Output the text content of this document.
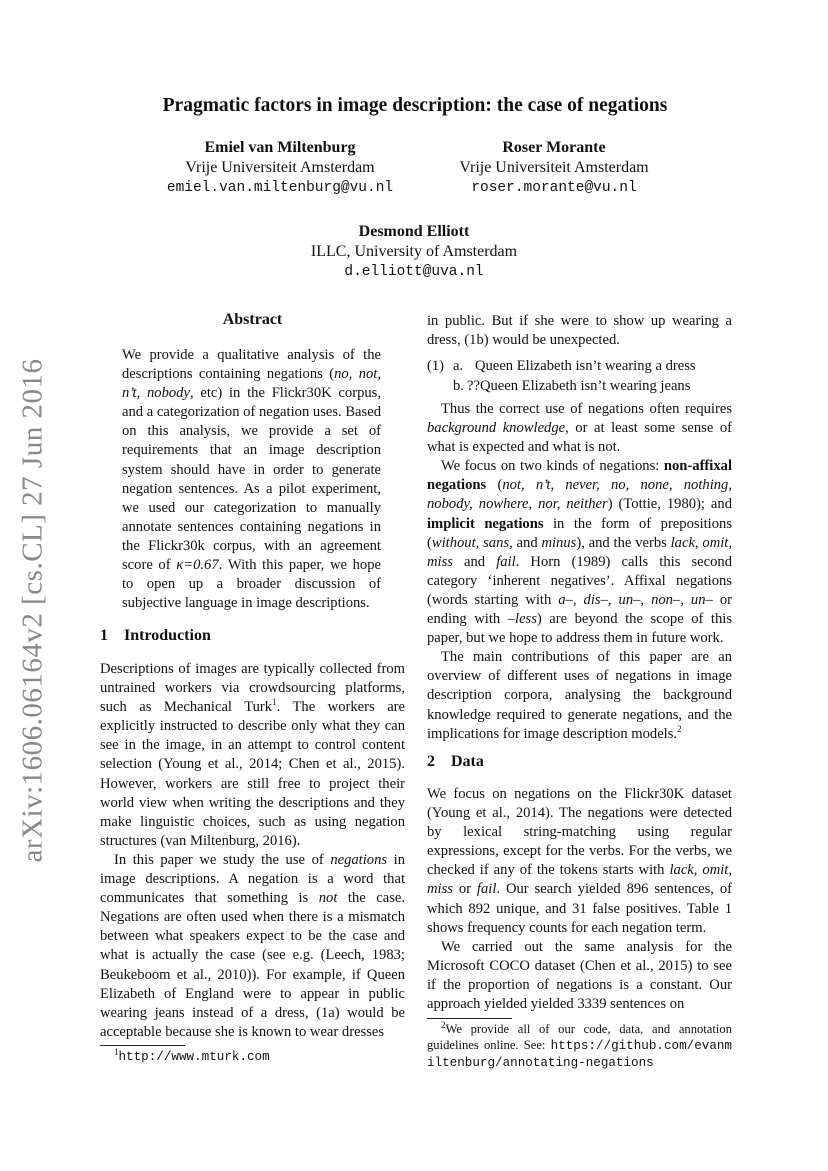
arXiv:1606.06164v2 [cs.CL] 27 Jun 2016
Pragmatic factors in image description: the case of negations
Emiel van Miltenburg
Vrije Universiteit Amsterdam
emiel.van.miltenburg@vu.nl
Roser Morante
Vrije Universiteit Amsterdam
roser.morante@vu.nl
Desmond Elliott
ILLC, University of Amsterdam
d.elliott@uva.nl
Abstract

We provide a qualitative analysis of the descriptions containing negations (no, not, n’t, nobody, etc) in the Flickr30K corpus, and a categorization of negation uses. Based on this analysis, we provide a set of requirements that an image description system should have in order to generate negation sentences. As a pilot experiment, we used our categorization to manually annotate sentences containing negations in the Flickr30k corpus, with an agreement score of κ=0.67. With this paper, we hope to open up a broader discussion of subjective language in image descriptions.

1 Introduction

Descriptions of images are typically collected from untrained workers via crowdsourcing platforms, such as Mechanical Turk$^1$. The workers are explicitly instructed to describe only what they can see in the image, in an attempt to control content selection (Young et al., 2014; Chen et al., 2015). However, workers are still free to project their world view when writing the descriptions and they make linguistic choices, such as using negation structures (van Miltenburg, 2016).

In this paper we study the use of negations in image descriptions. A negation is a word that communicates that something is not the case. Negations are often used when there is a mismatch between what speakers expect to be the case and what is actually the case (see e.g. (Leech, 1983; Beukeboom et al., 2010)). For example, if Queen Elizabeth of England were to appear in public wearing jeans instead of a dress, (1a) would be acceptable because she is known to wear dresses

$^1$http://www.mturk.com

in public. But if she were to show up wearing a dress, (1b) would be unexpected.

(1) a. Queen Elizabeth isn’t wearing a dress
b. ??Queen Elizabeth isn’t wearing jeans

Thus the correct use of negations often requires background knowledge, or at least some sense of what is expected and what is not.

We focus on two kinds of negations: non-affixal negations (not, n’t, never, no, none, nothing, nobody, nowhere, nor, neither) (Tottie, 1980); and implicit negations in the form of prepositions (without, sans, and minus), and the verbs lack, omit, miss and fail. Horn (1989) calls this second category ‘inherent negatives’. Affixal negations (words starting with a–, dis–, un–, non–, un– or ending with –less) are beyond the scope of this paper, but we hope to address them in future work.

The main contributions of this paper are an overview of different uses of negations in image description corpora, analysing the background knowledge required to generate negations, and the implications for image description models.$^2$

2 Data

We focus on negations on the Flickr30K dataset (Young et al., 2014). The negations were detected by lexical string-matching using regular expressions, except for the verbs. For the verbs, we checked if any of the tokens starts with lack, omit, miss or fail. Our search yielded 896 sentences, of which 892 unique, and 31 false positives. Table 1 shows frequency counts for each negation term.

We carried out the same analysis for the Microsoft COCO dataset (Chen et al., 2015) to see if the proportion of negations is a constant. Our approach yielded yielded 3339 sentences on

$^2$We provide all of our code, data, and annotation guidelines online. See: https://github.com/evanmiltenburg/annotating-negations
